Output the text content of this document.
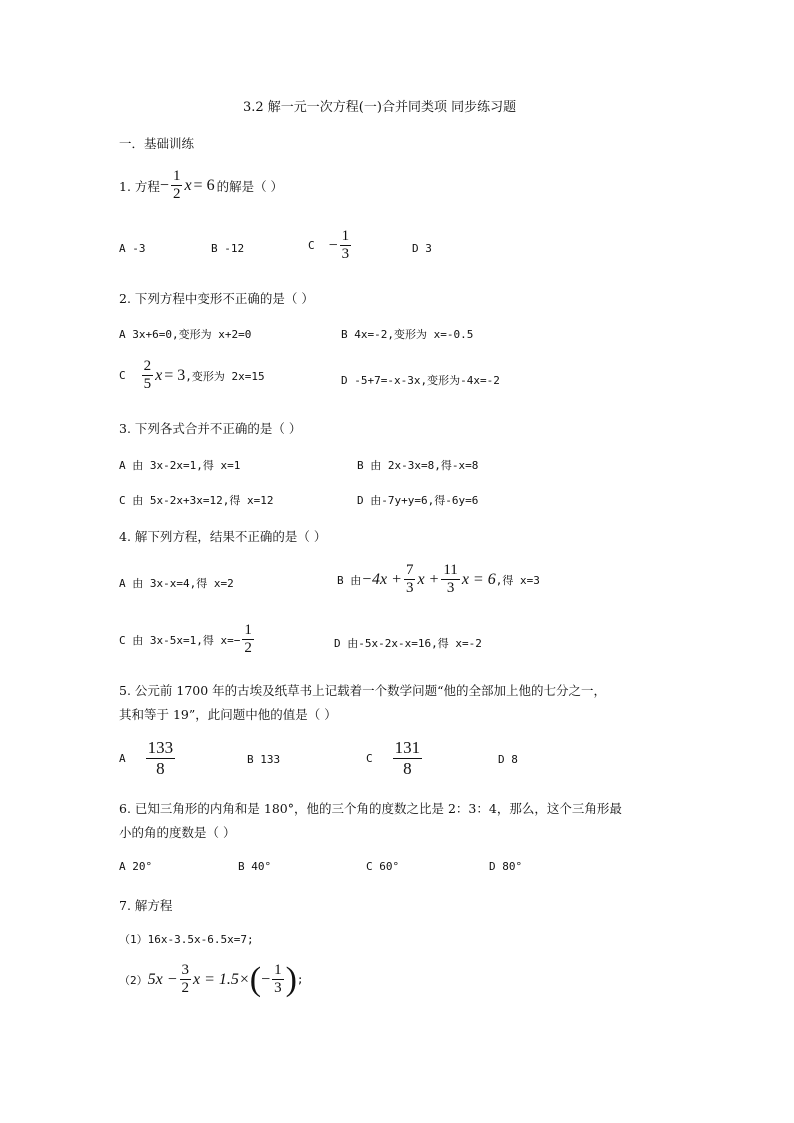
3.2 解一元一次方程(一)合并同类项 同步练习题
一．基础训练
1. 方程 − $\frac{1}{2}$ x = 6 的解是（ ）
A -3	B -12	$C - \frac{1}{3}$	D 3
2. 下列方程中变形不正确的是（ ）
A 3x+6=0,变形为 x+2=0	B 4x=-2,变形为 x=-0.5
C $\frac{2}{5}$ x = 3 ,变形为 2x=15	D -5+7=-x-3x,变形为-4x=-2
3. 下列各式合并不正确的是（ ）
A 由 3x-2x=1,得 x=1	B 由 2x-3x=8,得-x=8
C 由 5x-2x+3x=12,得 x=12	D 由-7y+y=6,得-6y=6
4. 解下列方程，结果不正确的是（ ）
A 由 3x-x=4,得 x=2	B 由 $-4x + \frac{7}{3}$ $x + \frac{11}{3}$ x = 6 ,得 x=3
C 由 3x-5x=1,得 $x=- \frac{1}{2}$	D 由-5x-2x-x=16,得 x=-2
5. 公元前 1700 年的古埃及纸草书上记载着一个数学问题“他的全部加上他的七分之一，
其和等于 19”，此问题中他的值是（ ）
A $\frac{133}{8}$	B 133	C $\frac{131}{8}$	D 8
6. 已知三角形的内角和是 180°，他的三个角的度数之比是 2：3：4，那么，这个三角形最
小的角的度数是（ ）
A 20°	B 40°	C 60°	D 80°
7. 解方程
（1）16x-3.5x-6.5x=7;
（2） $5x - \frac{3}{2}$ x = 1.5× ( − $\frac{1}{3}$ ) ;
